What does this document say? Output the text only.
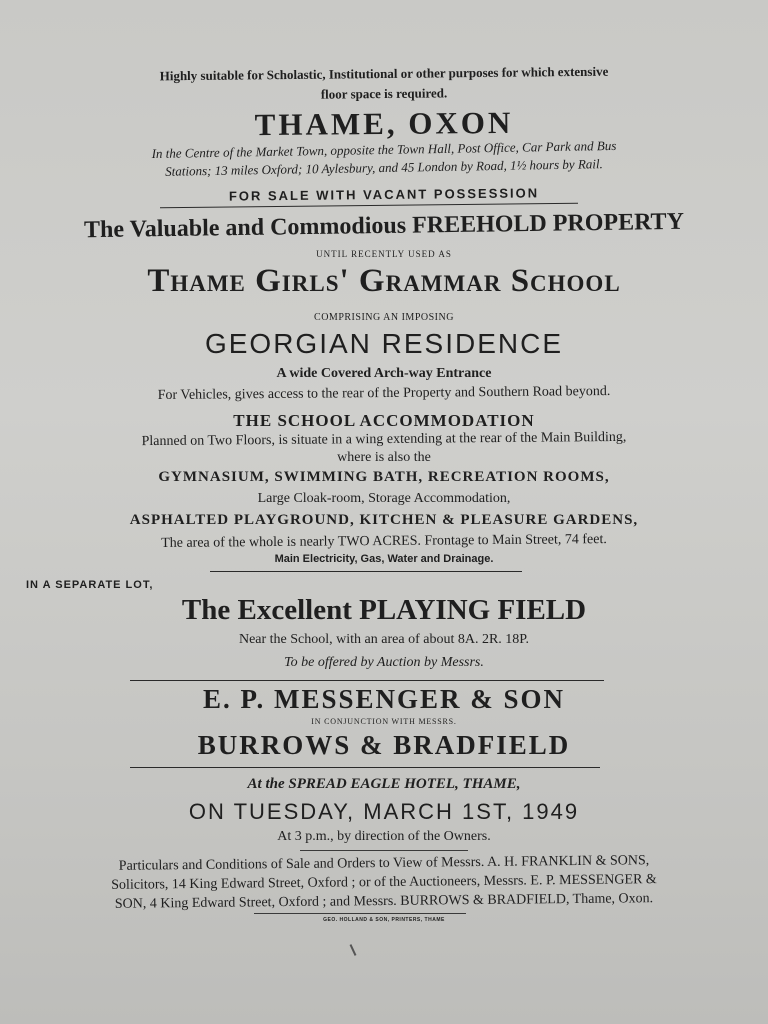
Highly suitable for Scholastic, Institutional or other purposes for which extensive

floor space is required.

THAME, OXON

In the Centre of the Market Town, opposite the Town Hall, Post Office, Car Park and Bus

Stations; 13 miles Oxford; 10 Aylesbury, and 45 London by Road, 1½ hours by Rail.

FOR SALE WITH VACANT POSSESSION

The Valuable and Commodious FREEHOLD PROPERTY

UNTIL RECENTLY USED AS

Thame Girls' Grammar School

COMPRISING AN IMPOSING

GEORGIAN RESIDENCE

A wide Covered Arch-way Entrance

For Vehicles, gives access to the rear of the Property and Southern Road beyond.

THE SCHOOL ACCOMMODATION

Planned on Two Floors, is situate in a wing extending at the rear of the Main Building,

where is also the

GYMNASIUM, SWIMMING BATH, RECREATION ROOMS,

Large Cloak-room, Storage Accommodation,

ASPHALTED PLAYGROUND, KITCHEN & PLEASURE GARDENS,

The area of the whole is nearly TWO ACRES. Frontage to Main Street, 74 feet.

Main Electricity, Gas, Water and Drainage.

IN A SEPARATE LOT,

The Excellent PLAYING FIELD

Near the School, with an area of about 8A. 2R. 18P.

To be offered by Auction by Messrs.

E. P. MESSENGER & SON

IN CONJUNCTION WITH MESSRS.

BURROWS & BRADFIELD

At the SPREAD EAGLE HOTEL, THAME,

ON TUESDAY, MARCH 1ST, 1949

At 3 p.m., by direction of the Owners.

Particulars and Conditions of Sale and Orders to View of Messrs. A. H. FRANKLIN & SONS,

Solicitors, 14 King Edward Street, Oxford ; or of the Auctioneers, Messrs. E. P. MESSENGER &

SON, 4 King Edward Street, Oxford ; and Messrs. BURROWS & BRADFIELD, Thame, Oxon.

GEO. HOLLAND & SON, PRINTERS, THAME
